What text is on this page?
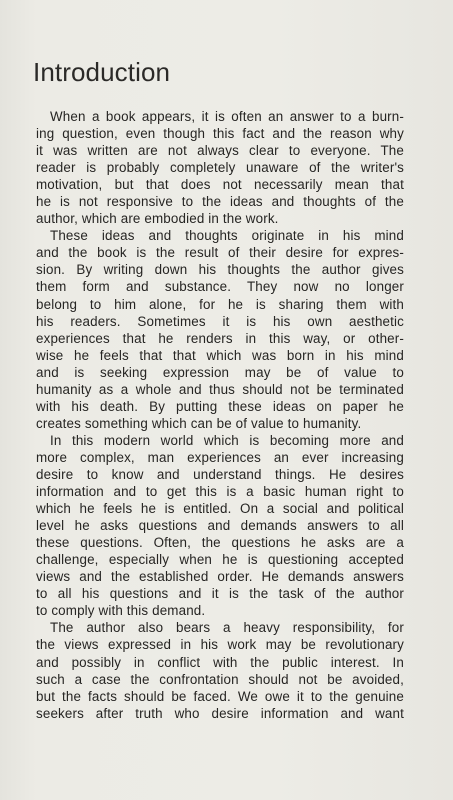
Introduction

When a book appears, it is often an answer to a burn-
ing question, even though this fact and the reason why
it was written are not always clear to everyone. The
reader is probably completely unaware of the writer's
motivation, but that does not necessarily mean that
he is not responsive to the ideas and thoughts of the
author, which are embodied in the work.

These ideas and thoughts originate in his mind
and the book is the result of their desire for expres-
sion. By writing down his thoughts the author gives
them form and substance. They now no longer
belong to him alone, for he is sharing them with
his readers. Sometimes it is his own aesthetic
experiences that he renders in this way, or other-
wise he feels that that which was born in his mind
and is seeking expression may be of value to
humanity as a whole and thus should not be terminated
with his death. By putting these ideas on paper he
creates something which can be of value to humanity.

In this modern world which is becoming more and
more complex, man experiences an ever increasing
desire to know and understand things. He desires
information and to get this is a basic human right to
which he feels he is entitled. On a social and political
level he asks questions and demands answers to all
these questions. Often, the questions he asks are a
challenge, especially when he is questioning accepted
views and the established order. He demands answers
to all his questions and it is the task of the author
to comply with this demand.

The author also bears a heavy responsibility, for
the views expressed in his work may be revolutionary
and possibly in conflict with the public interest. In
such a case the confrontation should not be avoided,
but the facts should be faced. We owe it to the genuine
seekers after truth who desire information and want
